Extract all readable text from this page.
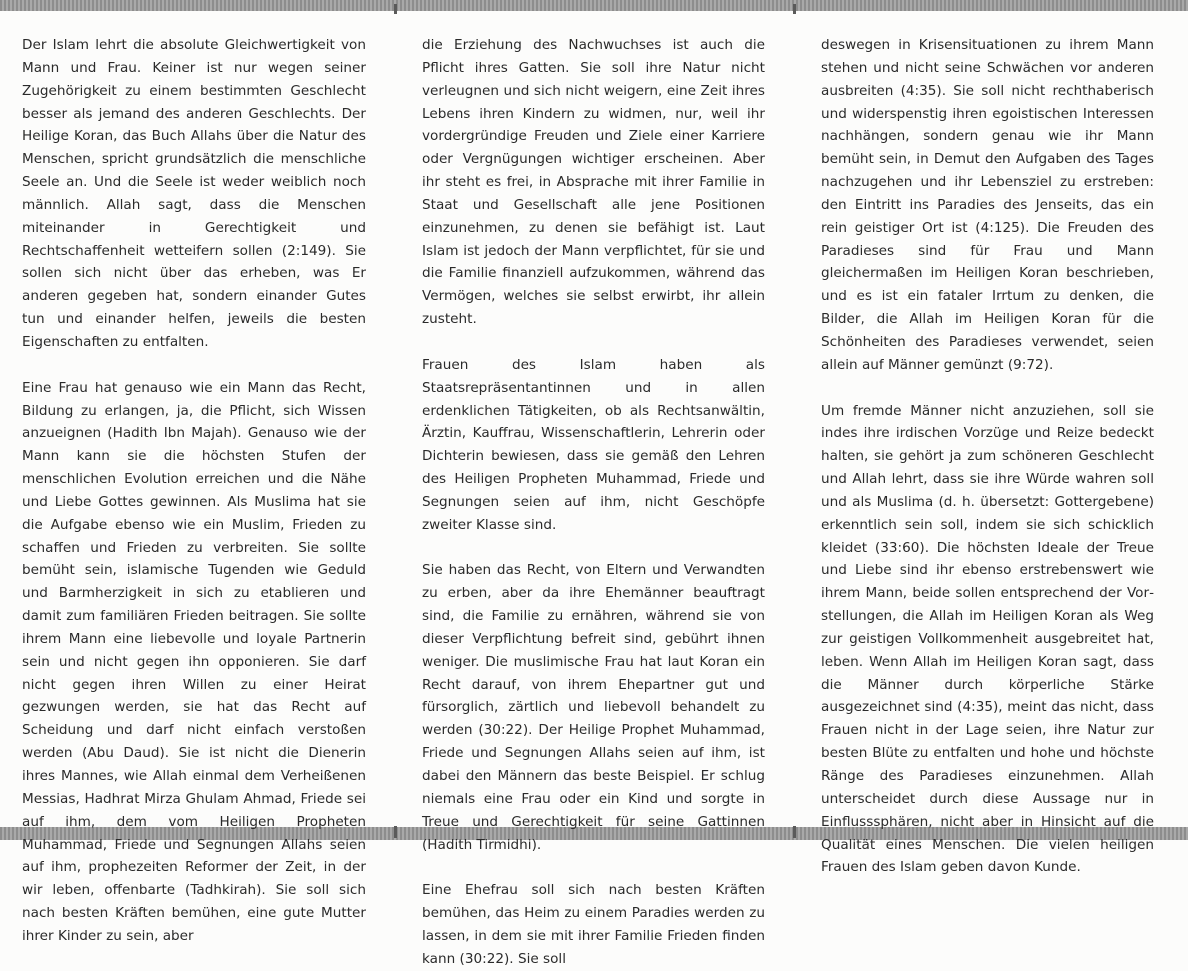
Der Islam lehrt die absolute Gleichwertigkeit von Mann und Frau. Keiner ist nur wegen seiner Zugehörigkeit zu einem bestimmten Geschlecht besser als jemand des anderen Geschlechts. Der Heilige Koran, das Buch Allahs über die Natur des Menschen, spricht grundsätzlich die menschliche Seele an. Und die Seele ist weder weiblich noch männlich. Allah sagt, dass die Menschen miteinander in Gerechtigkeit und Rechtschaffenheit wetteifern sollen (2:149). Sie sollen sich nicht über das erheben, was Er anderen gegeben hat, sondern einander Gutes tun und einander helfen, jeweils die besten Eigenschaften zu entfalten.

Eine Frau hat genauso wie ein Mann das Recht, Bildung zu erlangen, ja, die Pflicht, sich Wissen anzueignen (Hadith Ibn Majah). Genauso wie der Mann kann sie die höchsten Stufen der menschlichen Evolution erreichen und die Nähe und Liebe Gottes gewinnen. Als Muslima hat sie die Aufgabe ebenso wie ein Muslim, Frieden zu schaffen und Frieden zu verbreiten. Sie sollte bemüht sein, islamische Tugenden wie Geduld und Barmherzigkeit in sich zu etablieren und damit zum familiären Frieden beitragen. Sie sollte ihrem Mann eine liebevolle und loyale Partnerin sein und nicht gegen ihn opponieren. Sie darf nicht gegen ihren Willen zu einer Heirat gezwungen werden, sie hat das Recht auf Scheidung und darf nicht einfach verstoßen werden (Abu Daud). Sie ist nicht die Dienerin ihres Mannes, wie Allah einmal dem Verheißenen Messias, Hadhrat Mirza Ghulam Ahmad, Friede sei auf ihm, dem vom Heiligen Propheten Muhammad, Friede und Segnungen Allahs seien auf ihm, prophezeiten Reformer der Zeit, in der wir leben, offenbarte (Tadhkirah). Sie soll sich nach besten Kräften bemühen, eine gute Mutter ihrer Kinder zu sein, aber

die Erziehung des Nachwuchses ist auch die Pflicht ihres Gatten. Sie soll ihre Natur nicht verleugnen und sich nicht weigern, eine Zeit ihres Lebens ihren Kindern zu widmen, nur, weil ihr vordergründige Freuden und Ziele einer Karriere oder Vergnügungen wichtiger erscheinen. Aber ihr steht es frei, in Absprache mit ihrer Familie in Staat und Gesellschaft alle jene Positionen einzunehmen, zu denen sie befähigt ist. Laut Islam ist jedoch der Mann verpflichtet, für sie und die Familie finanziell aufzukommen, während das Vermögen, welches sie selbst erwirbt, ihr allein zusteht.

Frauen des Islam haben als Staatsrepräsentantinnen und in allen erdenklichen Tätigkeiten, ob als Rechtsanwältin, Ärztin, Kauffrau, Wissenschaftlerin, Lehrerin oder Dichterin bewiesen, dass sie gemäß den Lehren des Heiligen Propheten Muhammad, Friede und Segnungen seien auf ihm, nicht Geschöpfe zweiter Klasse sind.

Sie haben das Recht, von Eltern und Verwandten zu erben, aber da ihre Ehemänner beauftragt sind, die Familie zu ernähren, während sie von dieser Verpflichtung befreit sind, gebührt ihnen weniger. Die muslimische Frau hat laut Koran ein Recht darauf, von ihrem Ehepartner gut und fürsorglich, zärtlich und liebevoll behandelt zu werden (30:22). Der Heilige Prophet Muhammad, Friede und Segnungen Allahs seien auf ihm, ist dabei den Männern das beste Beispiel. Er schlug niemals eine Frau oder ein Kind und sorgte in Treue und Gerechtigkeit für seine Gattinnen (Hadith Tirmidhi).

Eine Ehefrau soll sich nach besten Kräften bemühen, das Heim zu einem Paradies werden zu lassen, in dem sie mit ihrer Familie Frieden finden kann (30:22). Sie soll

deswegen in Krisensituationen zu ihrem Mann stehen und nicht seine Schwächen vor anderen ausbreiten (4:35). Sie soll nicht rechthaberisch und widerspenstig ihren egoistischen Interessen nachhängen, sondern genau wie ihr Mann bemüht sein, in Demut den Aufgaben des Tages nachzugehen und ihr Lebensziel zu erstreben: den Eintritt ins Paradies des Jenseits, das ein rein geistiger Ort ist (4:125). Die Freuden des Paradieses sind für Frau und Mann gleichermaßen im Heiligen Koran beschrieben, und es ist ein fataler Irrtum zu denken, die Bilder, die Allah im Heiligen Koran für die Schönheiten des Paradieses verwendet, seien allein auf Männer gemünzt (9:72).

Um fremde Männer nicht anzuziehen, soll sie indes ihre irdischen Vorzüge und Reize bedeckt halten, sie gehört ja zum schöneren Geschlecht und Allah lehrt, dass sie ihre Würde wahren soll und als Muslima (d. h. übersetzt: Gottergebene) erkenntlich sein soll, indem sie sich schicklich kleidet (33:60). Die höchsten Ideale der Treue und Liebe sind ihr ebenso erstrebenswert wie ihrem Mann, beide sollen entsprechend der Vorstellungen, die Allah im Heiligen Koran als Weg zur geistigen Vollkommenheit ausgebreitet hat, leben. Wenn Allah im Heiligen Koran sagt, dass die Männer durch körperliche Stärke ausgezeichnet sind (4:35), meint das nicht, dass Frauen nicht in der Lage seien, ihre Natur zur besten Blüte zu entfalten und hohe und höchste Ränge des Paradieses einzunehmen. Allah unterscheidet durch diese Aussage nur in Einflusssphären, nicht aber in Hinsicht auf die Qualität eines Menschen. Die vielen heiligen Frauen des Islam geben davon Kunde.
